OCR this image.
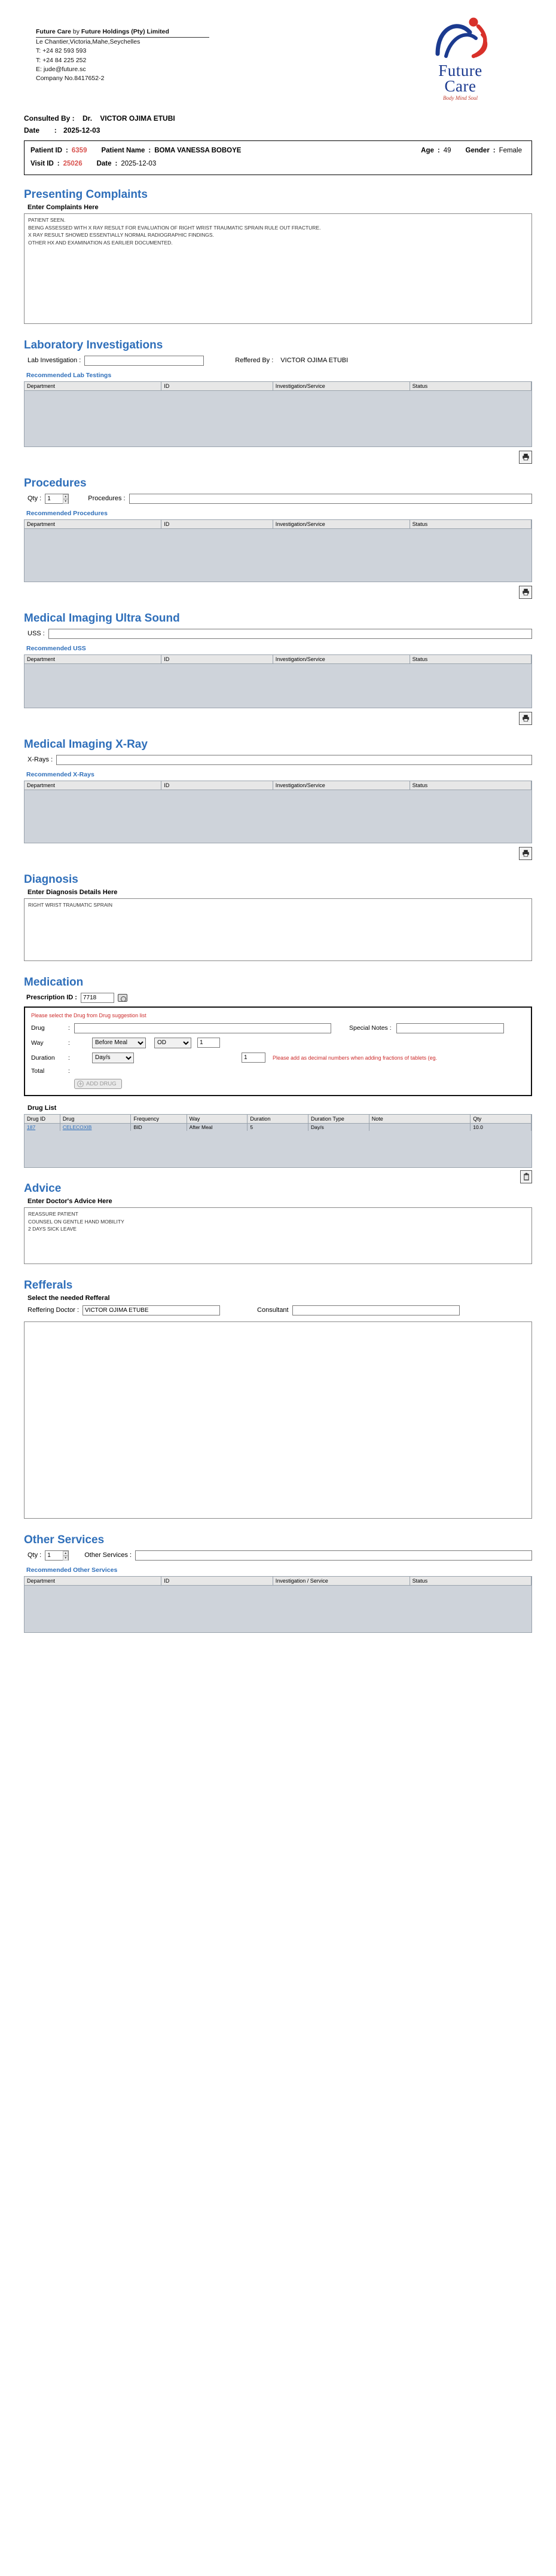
Future Care by Future Holdings (Pty) Limited
Le Chantier,Victoria,Mahe,Seychelles
T: +24 82 593 593
T: +24 84 225 252
E: jude@future.sc
Company No.8417652-2	Future
Care
Body Mind Soul
Consulted By : Dr. VICTOR OJIMA ETUBI
Date : 2025-12-03
Patient ID : 6359 Patient Name : BOMA VANESSA BOBOYE	Age : 49 Gender : Female
Visit ID : 25026 Date : 2025-12-03
Presenting Complaints
Enter Complaints Here
PATIENT SEEN. BEING ASSESSED WITH X RAY RESULT FOR EVALUATION OF RIGHT WRIST TRAUMATIC SPRAIN RULE OUT FRACTURE. X RAY RESULT SHOWED ESSENTIALLY NORMAL RADIOGRAPHIC FINDINGS. OTHER HX AND EXAMINATION AS EARLIER DOCUMENTED.
Laboratory Investigations
Lab Investigation :	Reffered By : VICTOR OJIMA ETUBI
Recommended Lab Testings
Department	ID	Investigation/Service	Status
Procedures
Qty :
1	▲
▼	Procedures :
Recommended Procedures
Department	ID	Investigation/Service	Status
Medical Imaging Ultra Sound
USS :
Recommended USS
Department	ID	Investigation/Service	Status
Medical Imaging X-Ray
X-Rays :
Recommended X-Rays
Department	ID	Investigation/Service	Status
Diagnosis
Enter Diagnosis Details Here
RIGHT WRIST TRAUMATIC SPRAIN
Medication
Prescription ID :
7718
Please select the Drug from Drug suggestion list
Drug	:	Special Notes :
Way	:
Before Meal
OD
1
Duration	:
Day/s
1	Please add as decimal numbers when adding fractions of tablets (eg.
Total	:
ADD DRUG
Drug List
Drug ID	Drug	Frequency	Way	Duration	Duration Type	Note	Qty
187	CELECOXIB	BID	After Meal	5	Day/s		10.0
Advice
Enter Doctor's Advice Here
REASSURE PATIENT COUNSEL ON GENTLE HAND MOBILITY 2 DAYS SICK LEAVE
Refferals
Select the needed Refferal
Reffering Doctor :
VICTOR OJIMA ETUBE	Consultant
Other Services
Qty :
1	▲
▼	Other Services :
Recommended Other Services
Department	ID	Investigation / Service	Status
